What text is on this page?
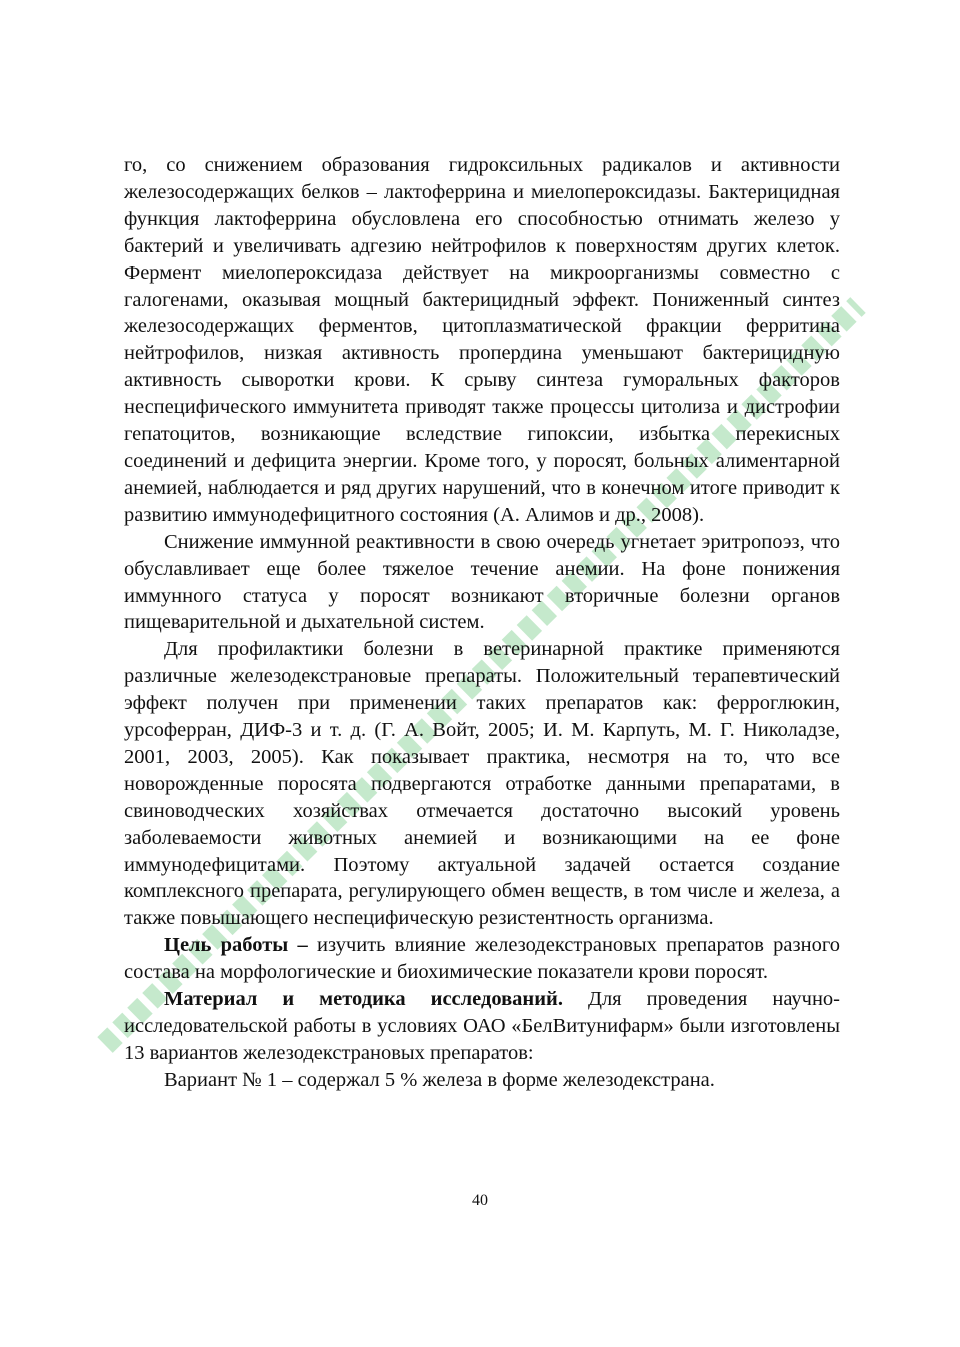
го, со снижением образования гидроксильных радикалов и активности железосодержащих белков – лактоферрина и миелопероксидазы. Бактерицидная функция лактоферрина обусловлена его способностью отнимать железо у бактерий и увеличивать адгезию нейтрофилов к поверхностям других клеток. Фермент миелопероксидаза действует на микроорганизмы совместно с галогенами, оказывая мощный бактерицидный эффект. Пониженный синтез железосодержащих ферментов, цитоплазматической фракции ферритина нейтрофилов, низкая активность пропердина уменьшают бактерицидную активность сыворотки крови. К срыву синтеза гуморальных факторов неспецифического иммунитета приводят также процессы цитолиза и дистрофии гепатоцитов, возникающие вследствие гипоксии, избытка перекисных соединений и дефицита энергии. Кроме того, у поросят, больных алиментарной анемией, наблюдается и ряд других нарушений, что в конечном итоге приводит к развитию иммунодефицитного состояния (А. Алимов и др., 2008).

Снижение иммунной реактивности в свою очередь угнетает эритропоэз, что обуславливает еще более тяжелое течение анемии. На фоне понижения иммунного статуса у поросят возникают вторичные болезни органов пищеварительной и дыхательной систем.

Для профилактики болезни в ветеринарной практике применяются различные железодекстрановые препараты. Положительный терапевтический эффект получен при применении таких препаратов как: ферроглюкин, урсоферран, ДИФ-3 и т. д. (Г. А. Войт, 2005; И. М. Карпуть, М. Г. Николадзе, 2001, 2003, 2005). Как показывает практика, несмотря на то, что все новорожденные поросята подвергаются отработке данными препаратами, в свиноводческих хозяйствах отмечается достаточно высокий уровень заболеваемости животных анемией и возникающими на ее фоне иммунодефицитами. Поэтому актуальной задачей остается создание комплексного препарата, регулирующего обмен веществ, в том числе и железа, а также повышающего неспецифическую резистентность организма.

Цель работы – изучить влияние железодекстрановых препаратов разного состава на морфологические и биохимические показатели крови поросят.

Материал и методика исследований. Для проведения научно-исследовательской работы в условиях ОАО «БелВитунифарм» были изготовлены 13 вариантов железодекстрановых препаратов:

Вариант № 1 – содержал 5 % железа в форме железодекстрана.

40
